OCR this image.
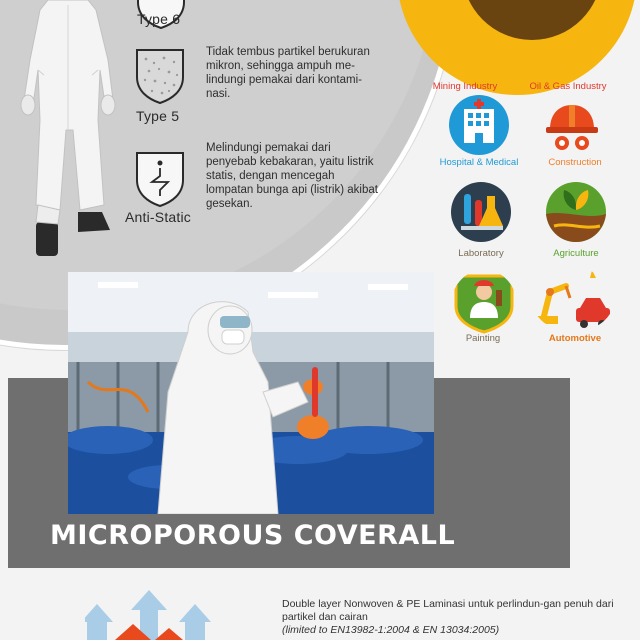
Type 6
Type 5
Tidak tembus partikel berukuran mikron, sehingga ampuh me-lindungi pemakai dari kontami-nasi.
Anti-Static
Melindungi pemakai dari penyebab kebakaran, yaitu listrik statis, dengan mencegah lompatan bunga api (listrik) akibat gesekan.
Mining Industry	Oil & Gas Industry
Hospital & Medical	Construction
Laboratory	Agriculture
Painting	Automotive
MICROPOROUS COVERALL
Double layer Nonwoven & PE Laminasi untuk perlindun-gan penuh dari partikel dan cairan
(limited to EN13982-1:2004 & EN 13034:2005)
